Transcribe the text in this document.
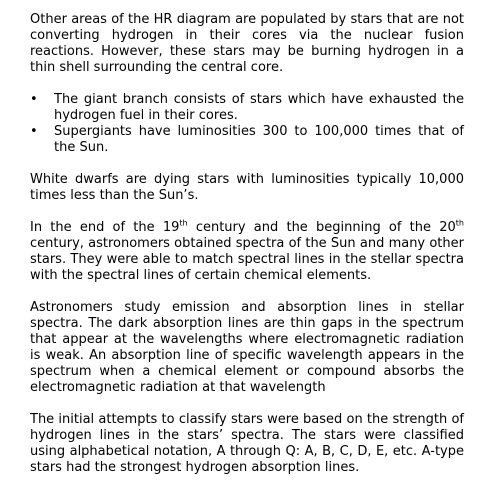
Other areas of the HR diagram are populated by stars that are not converting hydrogen in their cores via the nuclear fusion reactions. However, these stars may be burning hydrogen in a thin shell surrounding the central core.

• The giant branch consists of stars which have exhausted the hydrogen fuel in their cores.
• Supergiants have luminosities 300 to 100,000 times that of the Sun.

White dwarfs are dying stars with luminosities typically 10,000 times less than the Sun’s.

In the end of the 19th century and the beginning of the 20th century, astronomers obtained spectra of the Sun and many other stars. They were able to match spectral lines in the stellar spectra with the spectral lines of certain chemical elements.

Astronomers study emission and absorption lines in stellar spectra. The dark absorption lines are thin gaps in the spectrum that appear at the wavelengths where electromagnetic radiation is weak. An absorption line of specific wavelength appears in the spectrum when a chemical element or compound absorbs the electromagnetic radiation at that wavelength

The initial attempts to classify stars were based on the strength of hydrogen lines in the stars’ spectra. The stars were classified using alphabetical notation, A through Q: A, B, C, D, E, etc. A-type stars had the strongest hydrogen absorption lines.
